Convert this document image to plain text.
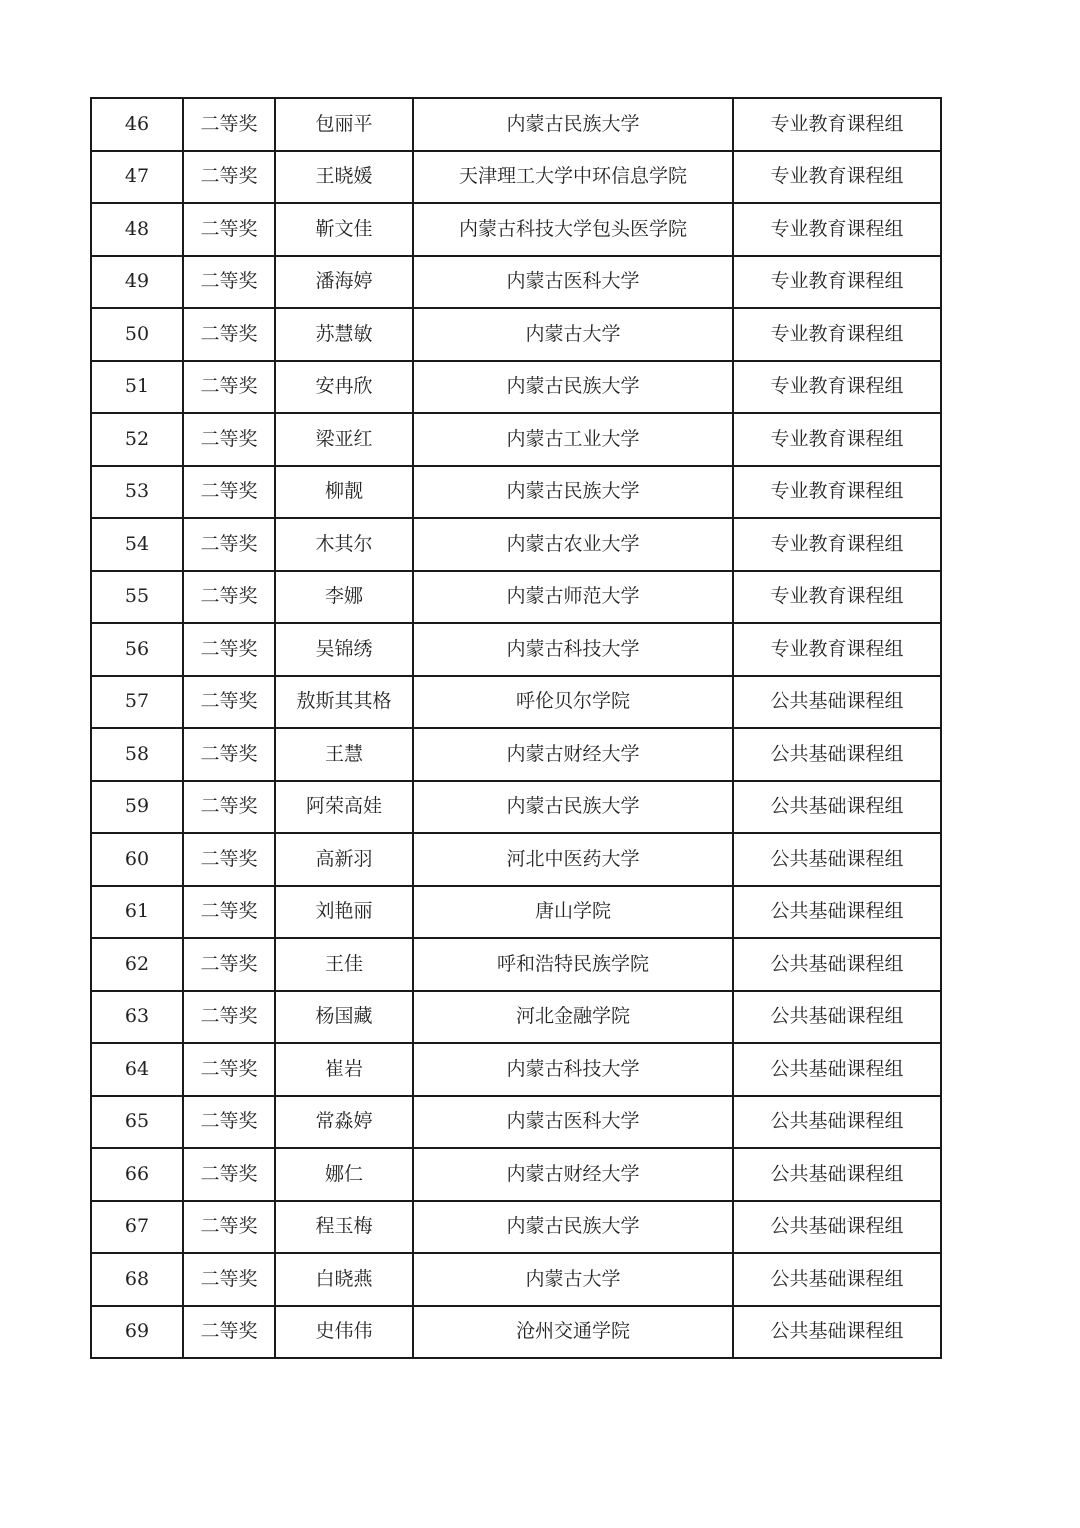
46	二等奖	包丽平	内蒙古民族大学	专业教育课程组
47	二等奖	王晓媛	天津理工大学中环信息学院	专业教育课程组
48	二等奖	靳文佳	内蒙古科技大学包头医学院	专业教育课程组
49	二等奖	潘海婷	内蒙古医科大学	专业教育课程组
50	二等奖	苏慧敏	内蒙古大学	专业教育课程组
51	二等奖	安冉欣	内蒙古民族大学	专业教育课程组
52	二等奖	梁亚红	内蒙古工业大学	专业教育课程组
53	二等奖	柳靓	内蒙古民族大学	专业教育课程组
54	二等奖	木其尔	内蒙古农业大学	专业教育课程组
55	二等奖	李娜	内蒙古师范大学	专业教育课程组
56	二等奖	吴锦绣	内蒙古科技大学	专业教育课程组
57	二等奖	敖斯其其格	呼伦贝尔学院	公共基础课程组
58	二等奖	王慧	内蒙古财经大学	公共基础课程组
59	二等奖	阿荣高娃	内蒙古民族大学	公共基础课程组
60	二等奖	高新羽	河北中医药大学	公共基础课程组
61	二等奖	刘艳丽	唐山学院	公共基础课程组
62	二等奖	王佳	呼和浩特民族学院	公共基础课程组
63	二等奖	杨国藏	河北金融学院	公共基础课程组
64	二等奖	崔岩	内蒙古科技大学	公共基础课程组
65	二等奖	常淼婷	内蒙古医科大学	公共基础课程组
66	二等奖	娜仁	内蒙古财经大学	公共基础课程组
67	二等奖	程玉梅	内蒙古民族大学	公共基础课程组
68	二等奖	白晓燕	内蒙古大学	公共基础课程组
69	二等奖	史伟伟	沧州交通学院	公共基础课程组
